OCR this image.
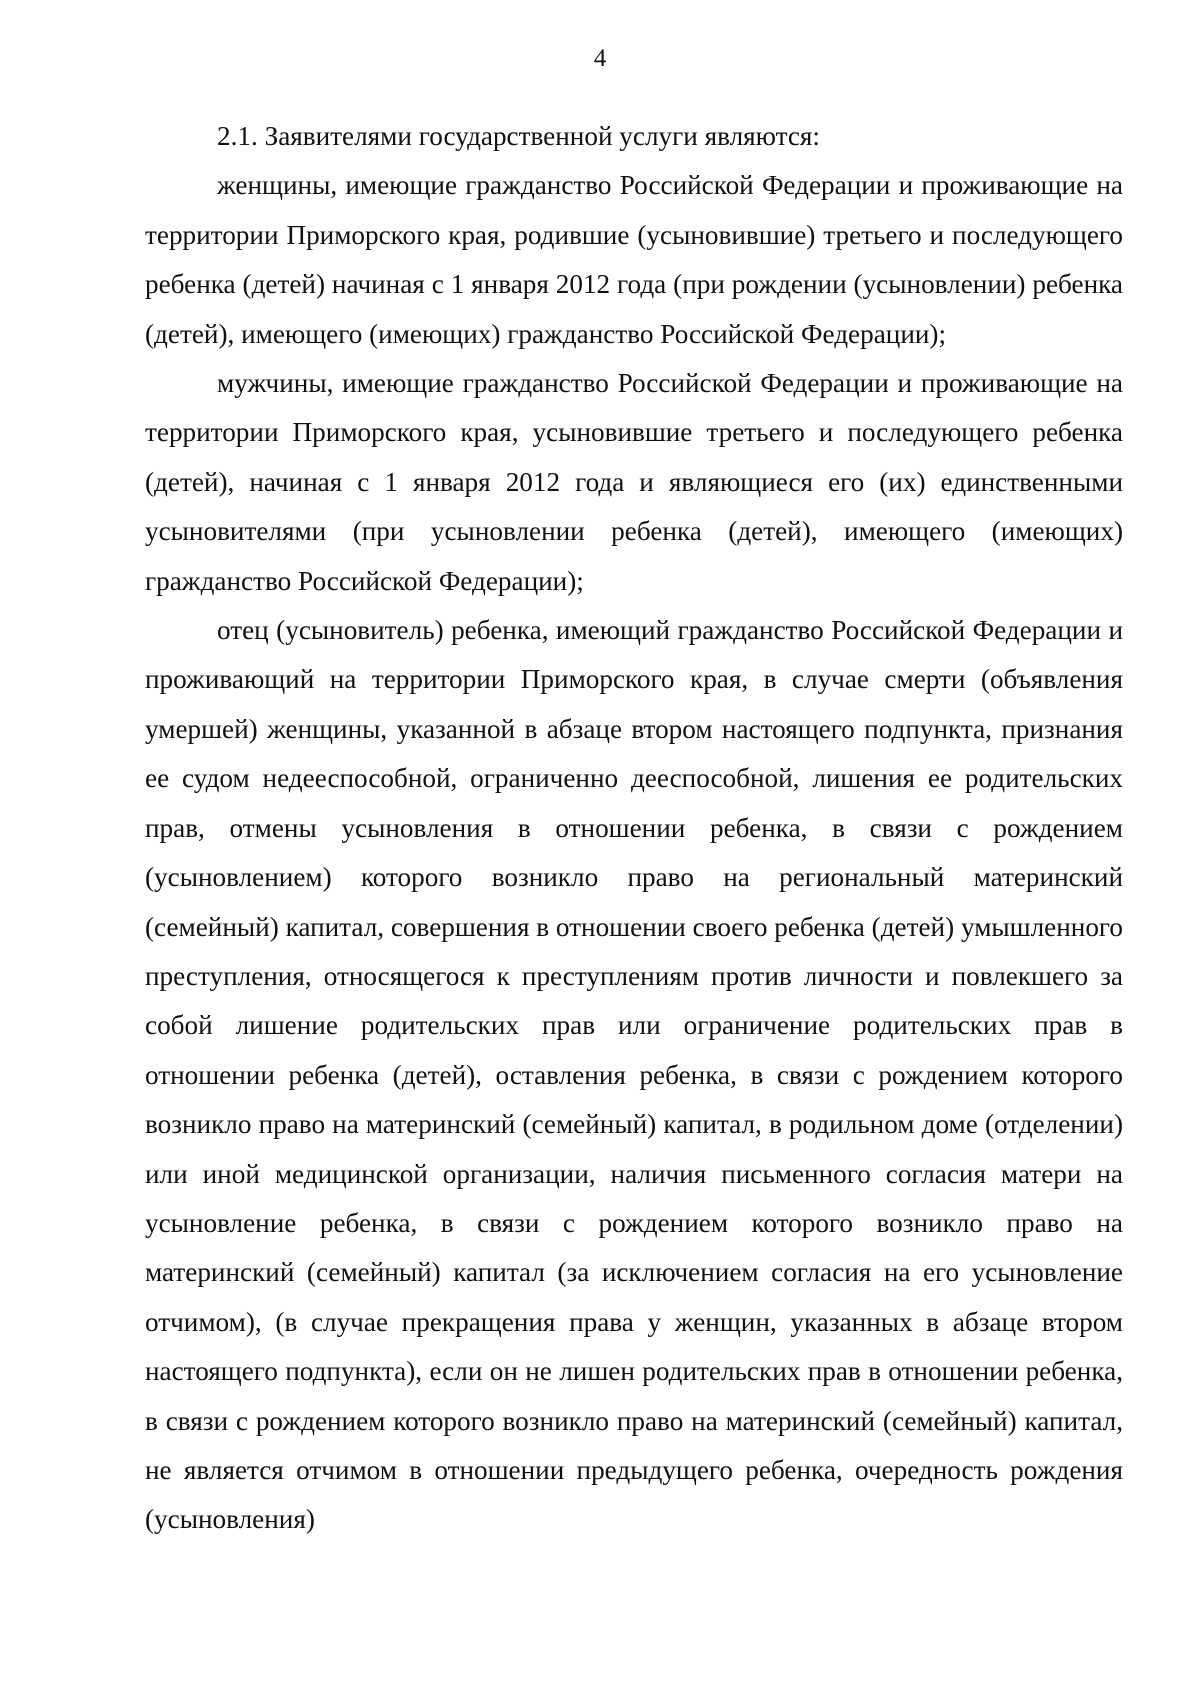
4

2.1. Заявителями государственной услуги являются:

женщины, имеющие гражданство Российской Федерации и проживающие на территории Приморского края, родившие (усыновившие) третьего и последующего ребенка (детей) начиная с 1 января 2012 года (при рождении (усыновлении) ребенка (детей), имеющего (имеющих) гражданство Российской Федерации);

мужчины, имеющие гражданство Российской Федерации и проживающие на территории Приморского края, усыновившие третьего и последующего ребенка (детей), начиная с 1 января 2012 года и являющиеся его (их) единственными усыновителями (при усыновлении ребенка (детей), имеющего (имеющих) гражданство Российской Федерации);

отец (усыновитель) ребенка, имеющий гражданство Российской Федерации и проживающий на территории Приморского края, в случае смерти (объявления умершей) женщины, указанной в абзаце втором настоящего подпункта, признания ее судом недееспособной, ограниченно дееспособной, лишения ее родительских прав, отмены усыновления в отношении ребенка, в связи с рождением (усыновлением) которого возникло право на региональный материнский (семейный) капитал, совершения в отношении своего ребенка (детей) умышленного преступления, относящегося к преступлениям против личности и повлекшего за собой лишение родительских прав или ограничение родительских прав в отношении ребенка (детей), оставления ребенка, в связи с рождением которого возникло право на материнский (семейный) капитал, в родильном доме (отделении) или иной медицинской организации, наличия письменного согласия матери на усыновление ребенка, в связи с рождением которого возникло право на материнский (семейный) капитал (за исключением согласия на его усыновление отчимом), (в случае прекращения права у женщин, указанных в абзаце втором настоящего подпункта), если он не лишен родительских прав в отношении ребенка, в связи с рождением которого возникло право на материнский (семейный) капитал, не является отчимом в отношении предыдущего ребенка, очередность рождения (усыновления)
